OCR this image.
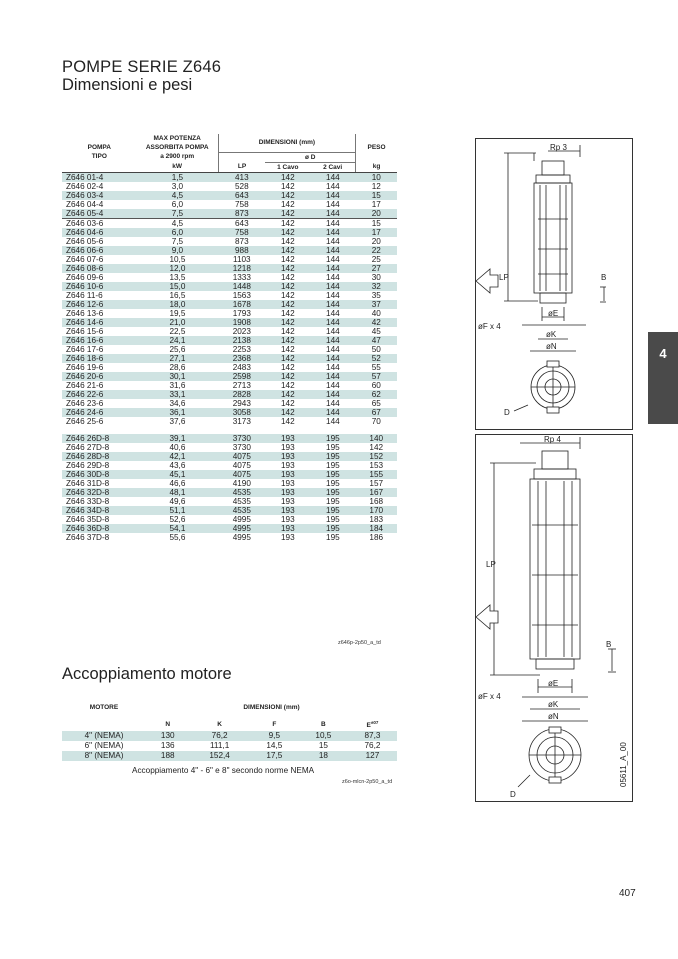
POMPE SERIE Z646
Dimensioni e pesi
	MAX POTENZA	DIMENSIONI (mm)			
POMPA	ASSORBITA POMPA				PESO
TIPO	a 2900 rpm		ø D		
	kW	LP	1 Cavo	2 Cavi	kg
Z646 01-4	1,5	413	142	144	10
Z646 02-4	3,0	528	142	144	12
Z646 03-4	4,5	643	142	144	15
Z646 04-4	6,0	758	142	144	17
Z646 05-4	7,5	873	142	144	20
Z646 03-6	4,5	643	142	144	15
Z646 04-6	6,0	758	142	144	17
Z646 05-6	7,5	873	142	144	20
Z646 06-6	9,0	988	142	144	22
Z646 07-6	10,5	1103	142	144	25
Z646 08-6	12,0	1218	142	144	27
Z646 09-6	13,5	1333	142	144	30
Z646 10-6	15,0	1448	142	144	32
Z646 11-6	16,5	1563	142	144	35
Z646 12-6	18,0	1678	142	144	37
Z646 13-6	19,5	1793	142	144	40
Z646 14-6	21,0	1908	142	144	42
Z646 15-6	22,5	2023	142	144	45
Z646 16-6	24,1	2138	142	144	47
Z646 17-6	25,6	2253	142	144	50
Z646 18-6	27,1	2368	142	144	52
Z646 19-6	28,6	2483	142	144	55
Z646 20-6	30,1	2598	142	144	57
Z646 21-6	31,6	2713	142	144	60
Z646 22-6	33,1	2828	142	144	62
Z646 23-6	34,6	2943	142	144	65
Z646 24-6	36,1	3058	142	144	67
Z646 25-6	37,6	3173	142	144	70

Z646 26D-8	39,1	3730	193	195	140
Z646 27D-8	40,6	3730	193	195	142
Z646 28D-8	42,1	4075	193	195	152
Z646 29D-8	43,6	4075	193	195	153
Z646 30D-8	45,1	4075	193	195	155
Z646 31D-8	46,6	4190	193	195	157
Z646 32D-8	48,1	4535	193	195	167
Z646 33D-8	49,6	4535	193	195	168
Z646 34D-8	51,1	4535	193	195	170
Z646 35D-8	52,6	4995	193	195	183
Z646 36D-8	54,1	4995	193	195	184
Z646 37D-8	55,6	4995	193	195	186
z646p-2p50_a_td
Accoppiamento motore
MOTORE	DIMENSIONI (mm)				
	N	K	F	B	$E^{\pm 07}$
4" (NEMA)	130	76,2	9,5	10,5	87,3
6" (NEMA)	136	111,1	14,5	15	76,2
8" (NEMA)	188	152,4	17,5	18	127
Accoppiamento 4" - 6" e 8" secondo norme NEMA
z6o-mlcn-2p50_a_td
Rp 3
LP	B
øE
øF x 4
øK
øN
D
4
Rp 4
LP
B
øE
øF x 4
øK
øN
D
05611_A_00
407
